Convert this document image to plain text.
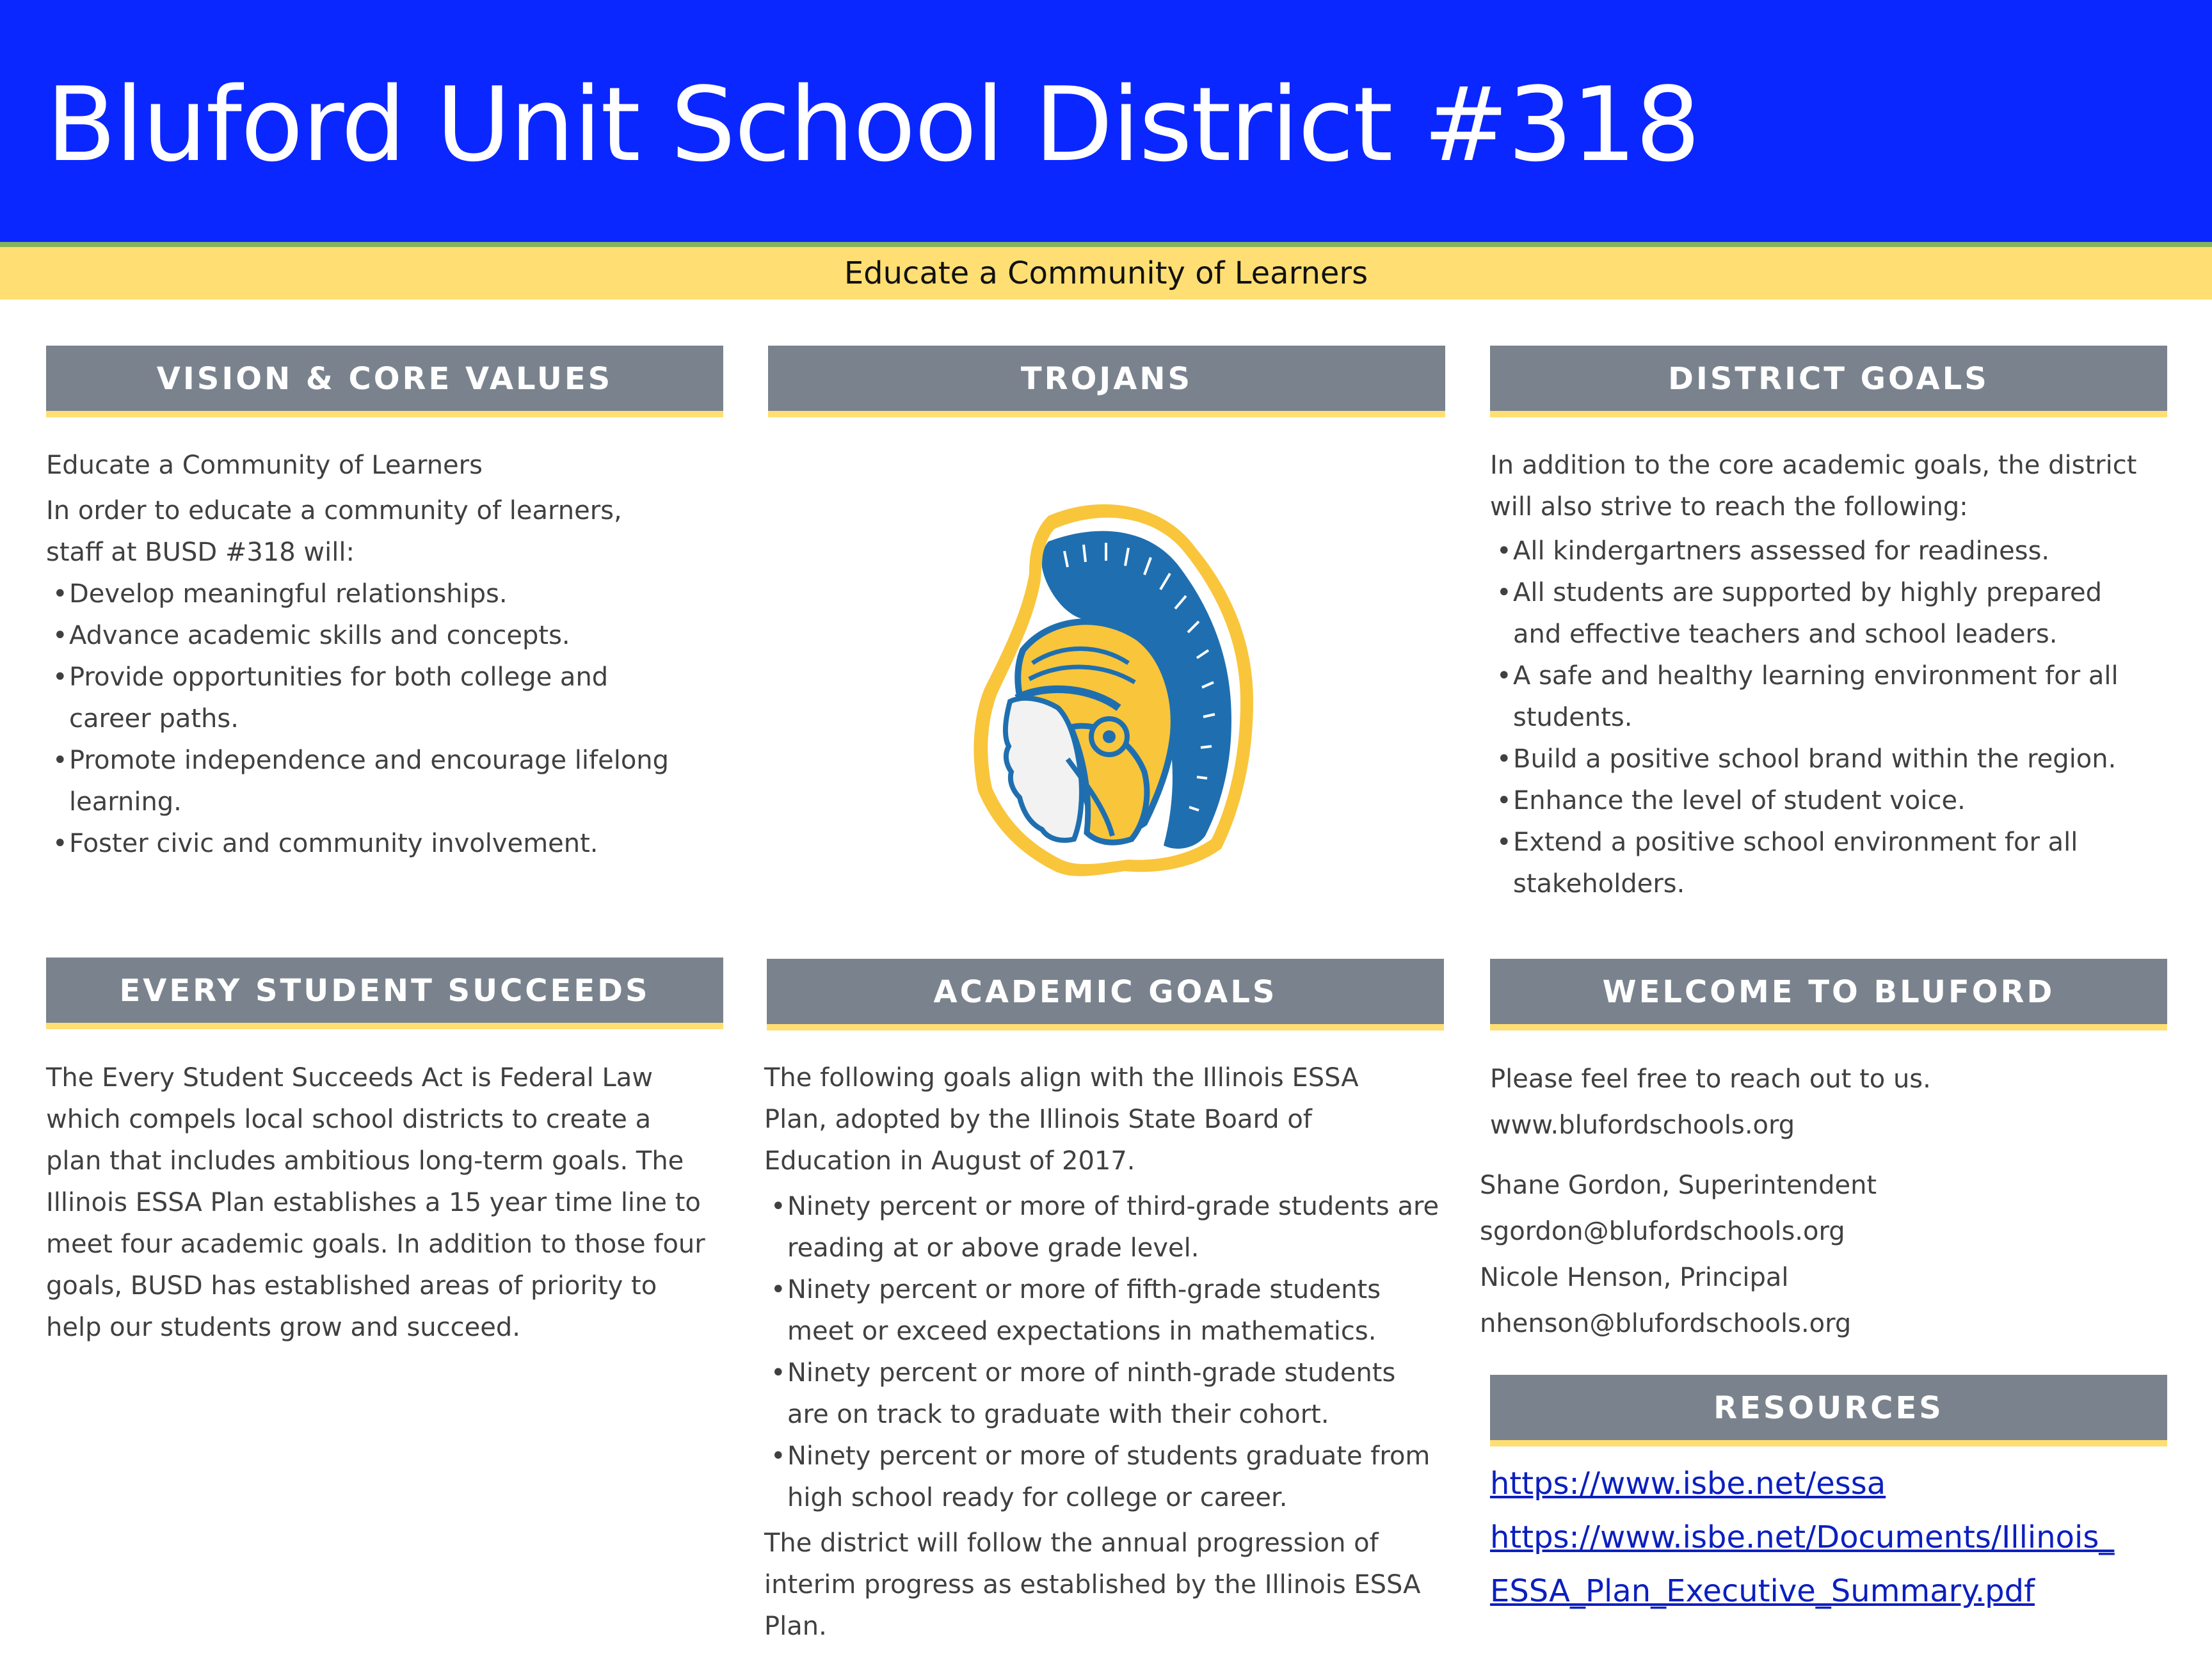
Bluford Unit School District #318
Educate a Community of Learners
VISION & CORE VALUES

Educate a Community of Learners

In order to educate a community of learners, staff at BUSD #318 will:

• Develop meaningful relationships.
• Advance academic skills and concepts.
• Provide opportunities for both college and career paths.
• Promote independence and encourage lifelong learning.
• Foster civic and community involvement.
TROJANS	DISTRICT GOALS

In addition to the core academic goals, the district will also strive to reach the following:

• All kindergartners assessed for readiness.
• All students are supported by highly prepared and effective teachers and school leaders.
• A safe and healthy learning environment for all students.
• Build a positive school brand within the region.
• Enhance the level of student voice.
• Extend a positive school environment for all stakeholders.
EVERY STUDENT SUCCEEDS

The Every Student Succeeds Act is Federal Law which compels local school districts to create a plan that includes ambitious long-term goals. The Illinois ESSA Plan establishes a 15 year time line to meet four academic goals. In addition to those four goals, BUSD has established areas of priority to help our students grow and succeed.

ACADEMIC GOALS

The following goals align with the Illinois ESSA Plan, adopted by the Illinois State Board of Education in August of 2017.

• Ninety percent or more of third-grade students are reading at or above grade level.
• Ninety percent or more of fifth-grade students meet or exceed expectations in mathematics.
• Ninety percent or more of ninth-grade students are on track to graduate with their cohort.
• Ninety percent or more of students graduate from high school ready for college or career.

The district will follow the annual progression of interim progress as established by the Illinois ESSA Plan.

WELCOME TO BLUFORD

Please feel free to reach out to us.

www.blufordschools.org

Shane Gordon, Superintendent

sgordon@blufordschools.org

Nicole Henson, Principal

nhenson@blufordschools.org

RESOURCES
https://www.isbe.net/essa
https://www.isbe.net/Documents/Illinois_
ESSA_Plan_Executive_Summary.pdf
